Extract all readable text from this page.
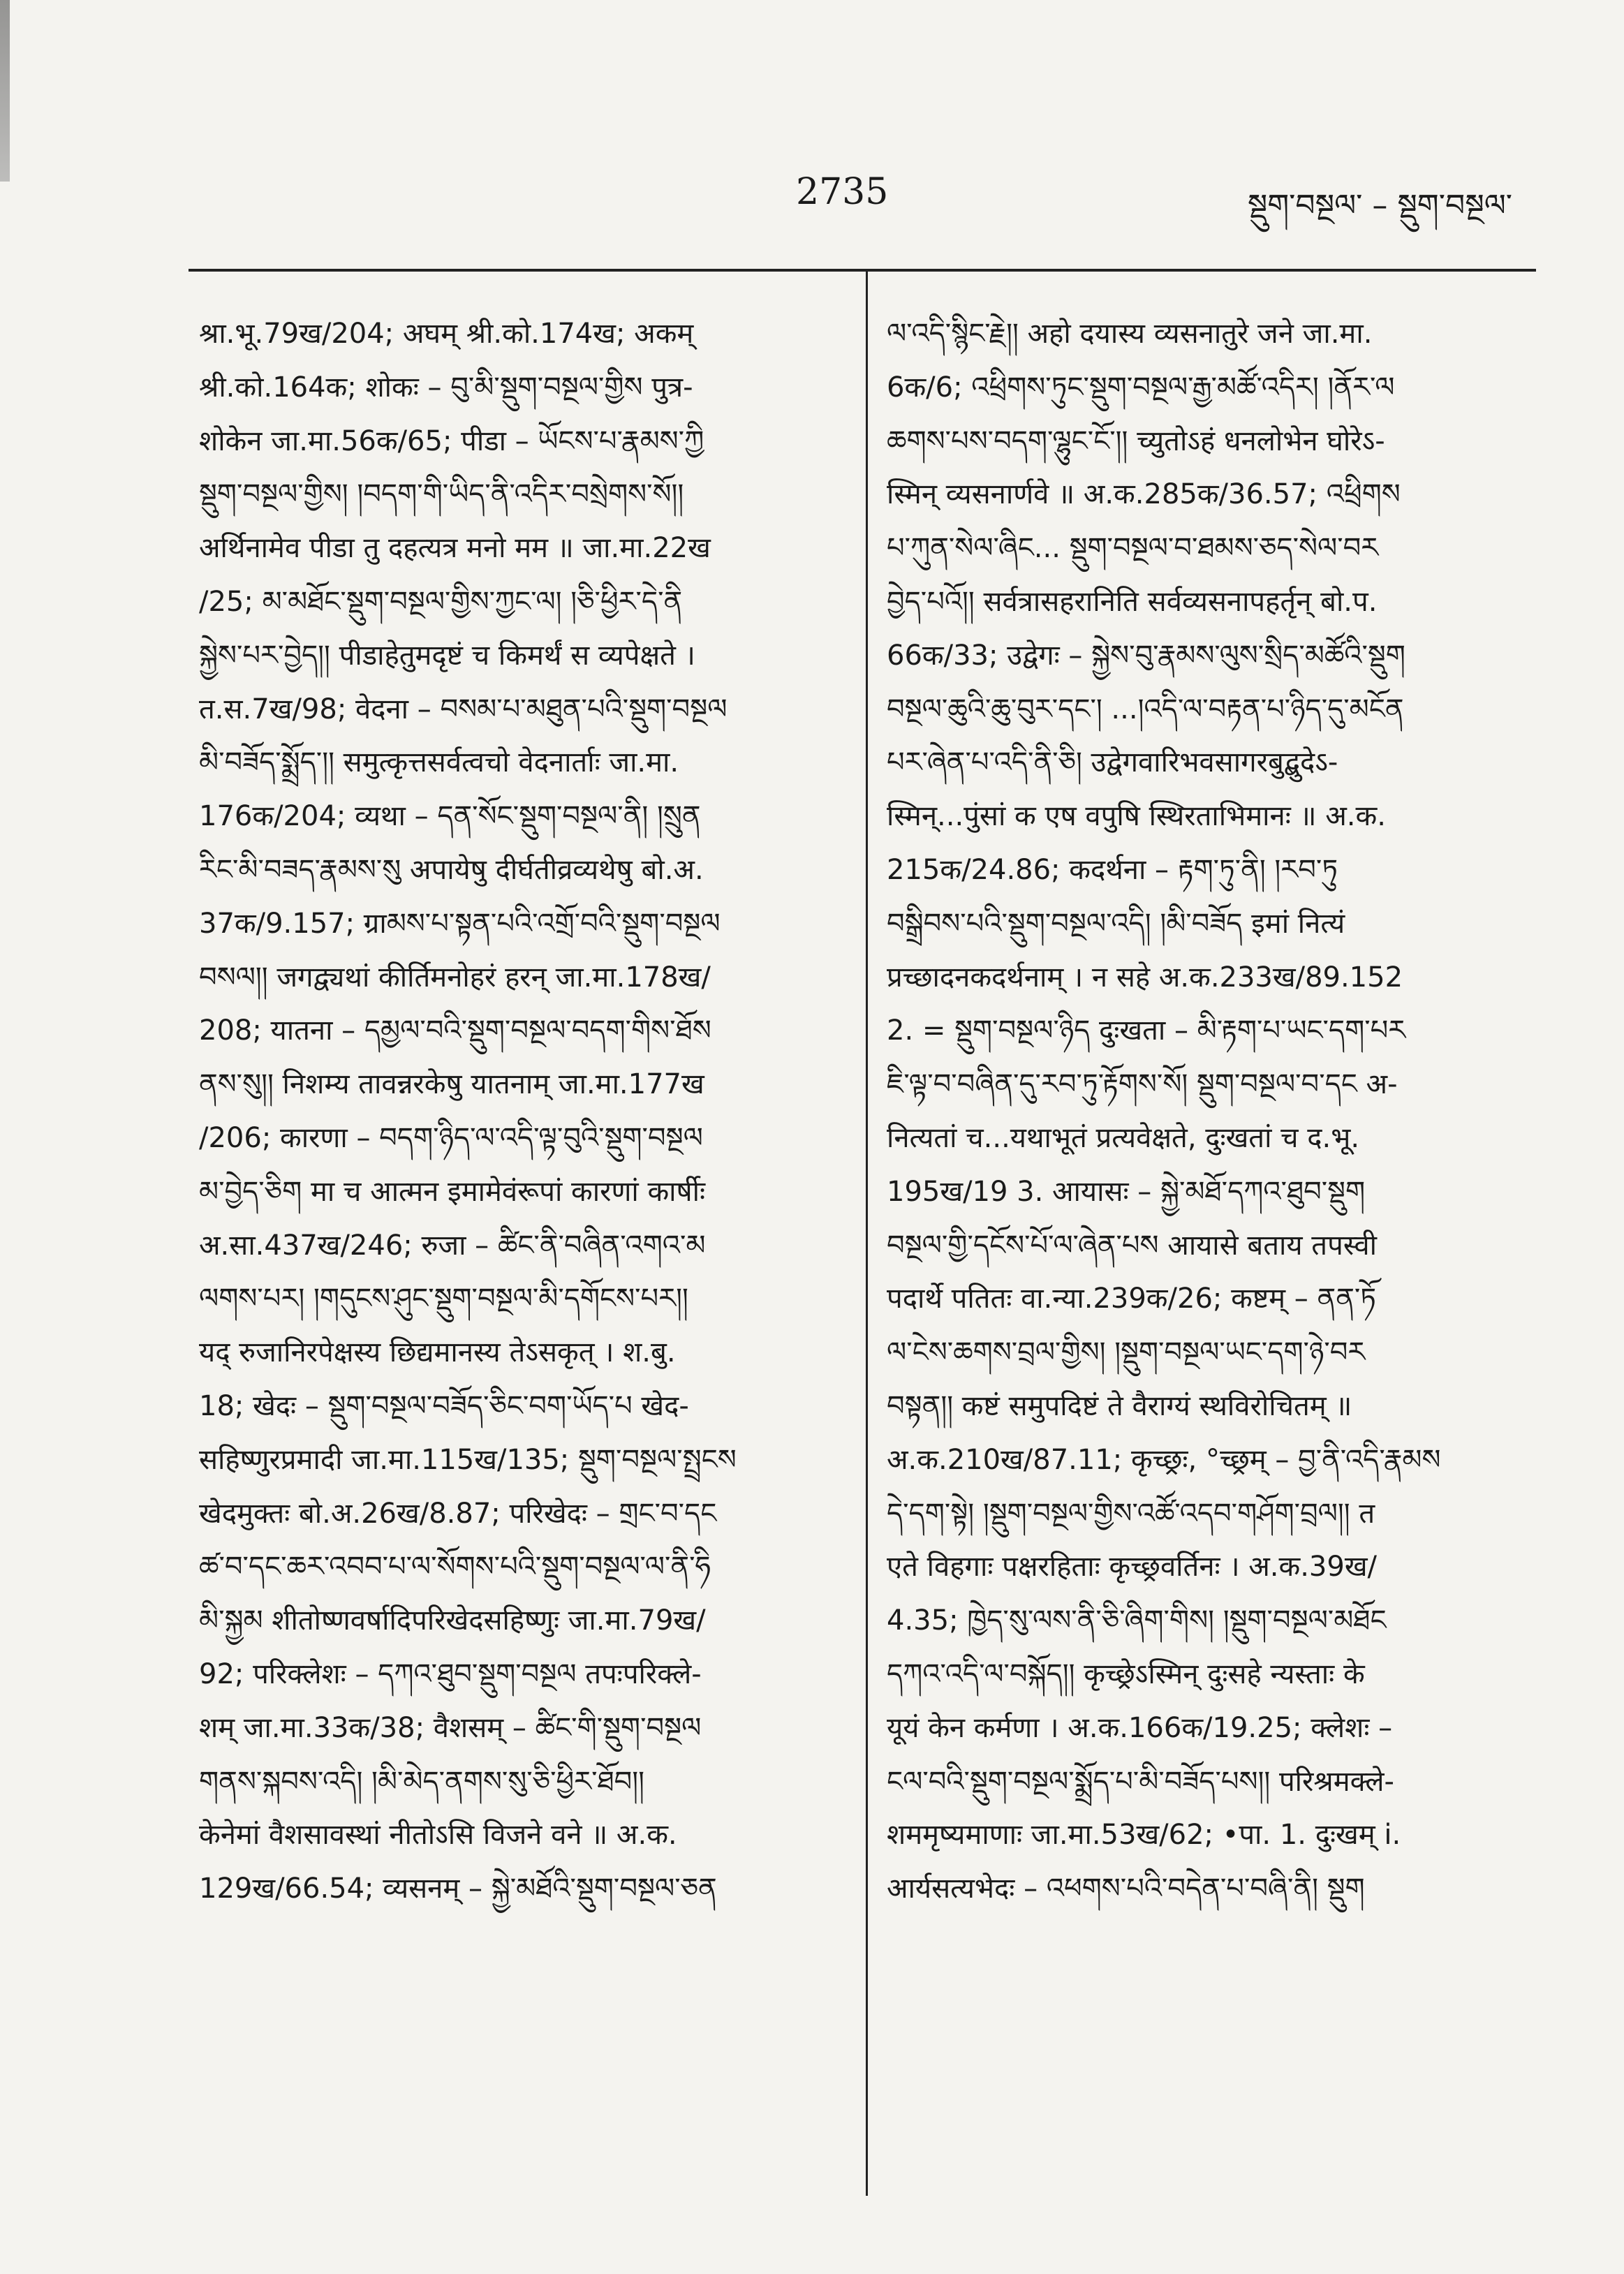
2735	སྡུག་བསྔལ་ – སྡུག་བསྔལ་
श्रा.भू.79ख/204; अघम् श्री.को.174ख; अकम्
श्री.को.164क; शोकः – བུ་མི་སྡུག་བསྔལ་གྱིས पुत्र-
शोकेन जा.मा.56क/65; पीडा – ཡོངས་པ་རྣམས་ཀྱི
སྡུག་བསྔལ་གྱིས། །བདག་གི་ཡིད་ནི་འདིར་བསྲེགས་སོ།།
अर्थिनामेव पीडा तु दहत्यत्र मनो मम ॥ जा.मा.22ख
/25; མ་མཐོང་སྡུག་བསྔལ་གྱིས་ཀྱང་ལ། །ཅི་ཕྱིར་དེ་ནི
སྐྱེས་པར་བྱེད།། पीडाहेतुमदृष्टं च किमर्थं स व्यपेक्षते ।
त.स.7ख/98; वेदना – བསམ་པ་མཐུན་པའི་སྡུག་བསྔལ
མི་བཟོད་སྨྲོད་།། समुत्कृत्तसर्वत्वचो वेदनार्ताः जा.मा.
176क/204; व्यथा – དན་སོང་སྡུག་བསྔལ་ནི། །སྲུན
རིང་མི་བཟད་རྣམས་སུ अपायेषु दीर्घतीव्रव्यथेषु बो.अ.
37क/9.157; ग्राམས་པ་སྟན་པའི་འགྲོ་བའི་སྡུག་བསྔལ
བསལ།། जगद्व्यथां कीर्तिमनोहरं हरन् जा.मा.178ख/
208; यातना – དམྱལ་བའི་སྡུག་བསྔལ་བདག་གིས་ཐོས
ནས་སུ།། निशम्य तावन्नरकेषु यातनाम् जा.मा.177ख
/206; कारणा – བདག་ཉིད་ལ་འདི་ལྟ་བུའི་སྡུག་བསྔལ
མ་བྱེད་ཅིག मा च आत्मन इमामेवंरूपां कारणां कार्षीः
अ.सा.437ख/246; रुजा – ཚིང་ནི་བཞིན་འགའ་མ
ལགས་པར། །གདུངས་ཤུང་སྡུག་བསྔལ་མི་དགོངས་པར།།
यद् रुजानिरपेक्षस्य छिद्यमानस्य तेऽसकृत् । श.बु.
18; खेदः – སྡུག་བསྔལ་བཟོད་ཅིང་བག་ཡོད་པ खेद-
सहिष्णुरप्रमादी जा.मा.115ख/135; སྡུག་བསྔལ་སྤྲངས
खेदमुक्तः बो.अ.26ख/8.87; परिखेदः – གྲང་བ་དང
ཚ་བ་དང་ཆར་འབབ་པ་ལ་སོགས་པའི་སྡུག་བསྔལ་ལ་ནི་ཧི
མི་སྐྱམ शीतोष्णवर्षादिपरिखेदसहिष्णुः जा.मा.79ख/
92; परिक्लेशः – དཀའ་ཐུབ་སྡུག་བསྔལ तपःपरिक्ले-
शम् जा.मा.33क/38; वैशसम् – ཚིང་གི་སྡུག་བསྔལ
གནས་སྐབས་འདི། །མི་མེད་ནགས་སུ་ཅི་ཕྱིར་ཐོབ།།
केनेमां वैशसावस्थां नीतोऽसि विजने वने ॥ अ.क.
129ख/66.54; व्यसनम् – སྐྱེ་མཐོའི་སྡུག་བསྔལ་ཅན
ལ་འདི་སྙིང་རྗེ།། अहो दयास्य व्यसनातुरे जने जा.मा.
6क/6; འཕྲིགས་ཏུང་སྡུག་བསྔལ་རྒྱ་མཚོ་འདིར། །ནོར་ལ
ཆགས་པས་བདག་ལྷུང་ངོ་།། च्युतोऽहं धनलोभेन घोरेऽ-
स्मिन् व्यसनार्णवे ॥ अ.क.285क/36.57; འཕྲིགས
པ་ཀུན་སེལ་ཞིང... སྡུག་བསྔལ་བ་ཐམས་ཅད་སེལ་བར
བྱེད་པའོ།། सर्वत्रासहरानिति सर्वव्यसनापहर्तृन् बो.प.
66क/33; उद्वेगः – སྐྱེས་བུ་རྣམས་ལུས་སྲིད་མཚོའི་སྡུག
བསྔལ་ཆུའི་ཆུ་བུར་དང་། ...།འདི་ལ་བརྟན་པ་ཉིད་དུ་མངོན
པར་ཞེན་པ་འདི་ནི་ཅི། उद्वेगवारिभवसागरबुद्बुदेऽ-
स्मिन्...पुंसां क एष वपुषि स्थिरताभिमानः ॥ अ.क.
215क/24.86; कदर्थना – རྟག་ཏུ་ནི། །རབ་ཏུ
བསྒྲིབས་པའི་སྡུག་བསྔལ་འདི། །མི་བཟོད इमां नित्यं
प्रच्छादनकदर्थनाम् । न सहे अ.क.233ख/89.152
2. = སྡུག་བསྔལ་ཉིད दुःखता – མི་རྟག་པ་ཡང་དག་པར
ཇི་ལྟ་བ་བཞིན་དུ་རབ་ཏུ་རྟོགས་སོ། སྡུག་བསྔལ་བ་དང अ-
नित्यतां च...यथाभूतं प्रत्यवेक्षते, दुःखतां च द.भू.
195ख/19 3. आयासः – སྐྱེ་མཐོ་དཀའ་ཐུབ་སྡུག
བསྔལ་གྱི་དངོས་པོ་ལ་ཞེན་པས आयासे बताय तपस्वी
पदार्थे पतितः वा.न्या.239क/26; कष्टम् – ནན་ཏོ
ལ་ངེས་ཆགས་བྲལ་གྱིས། །སྡུག་བསྔལ་ཡང་དག་ཉེ་བར
བསྟན།། कष्टं समुपदिष्टं ते वैराग्यं स्थविरोचितम् ॥
अ.क.210ख/87.11; कृच्छ्रः, °च्छ्रम् – བྱ་ནི་འདི་རྣམས
དེ་དག་སྟེ། །སྡུག་བསྔལ་གྱིས་འཚོ་འདབ་གཤོག་བྲལ།། त
एते विहगाः पक्षरहिताः कृच्छ्रवर्तिनः । अ.क.39ख/
4.35; ཁྱེད་སུ་ལས་ནི་ཅི་ཞིག་གིས། །སྡུག་བསྔལ་མཐོང
དཀའ་འདི་ལ་བསྐོད།། कृच्छ्रेऽस्मिन् दुःसहे न्यस्ताः के
यूयं केन कर्मणा । अ.क.166क/19.25; क्लेशः –
ངལ་བའི་སྡུག་བསྔལ་སྨྲོད་པ་མི་བཟོད་པས།། परिश्रमक्ले-
शममृष्यमाणाः जा.मा.53ख/62; •पा. 1. दुःखम् i.
आर्यसत्यभेदः – འཕགས་པའི་བདེན་པ་བཞི་ནི། སྡུག
